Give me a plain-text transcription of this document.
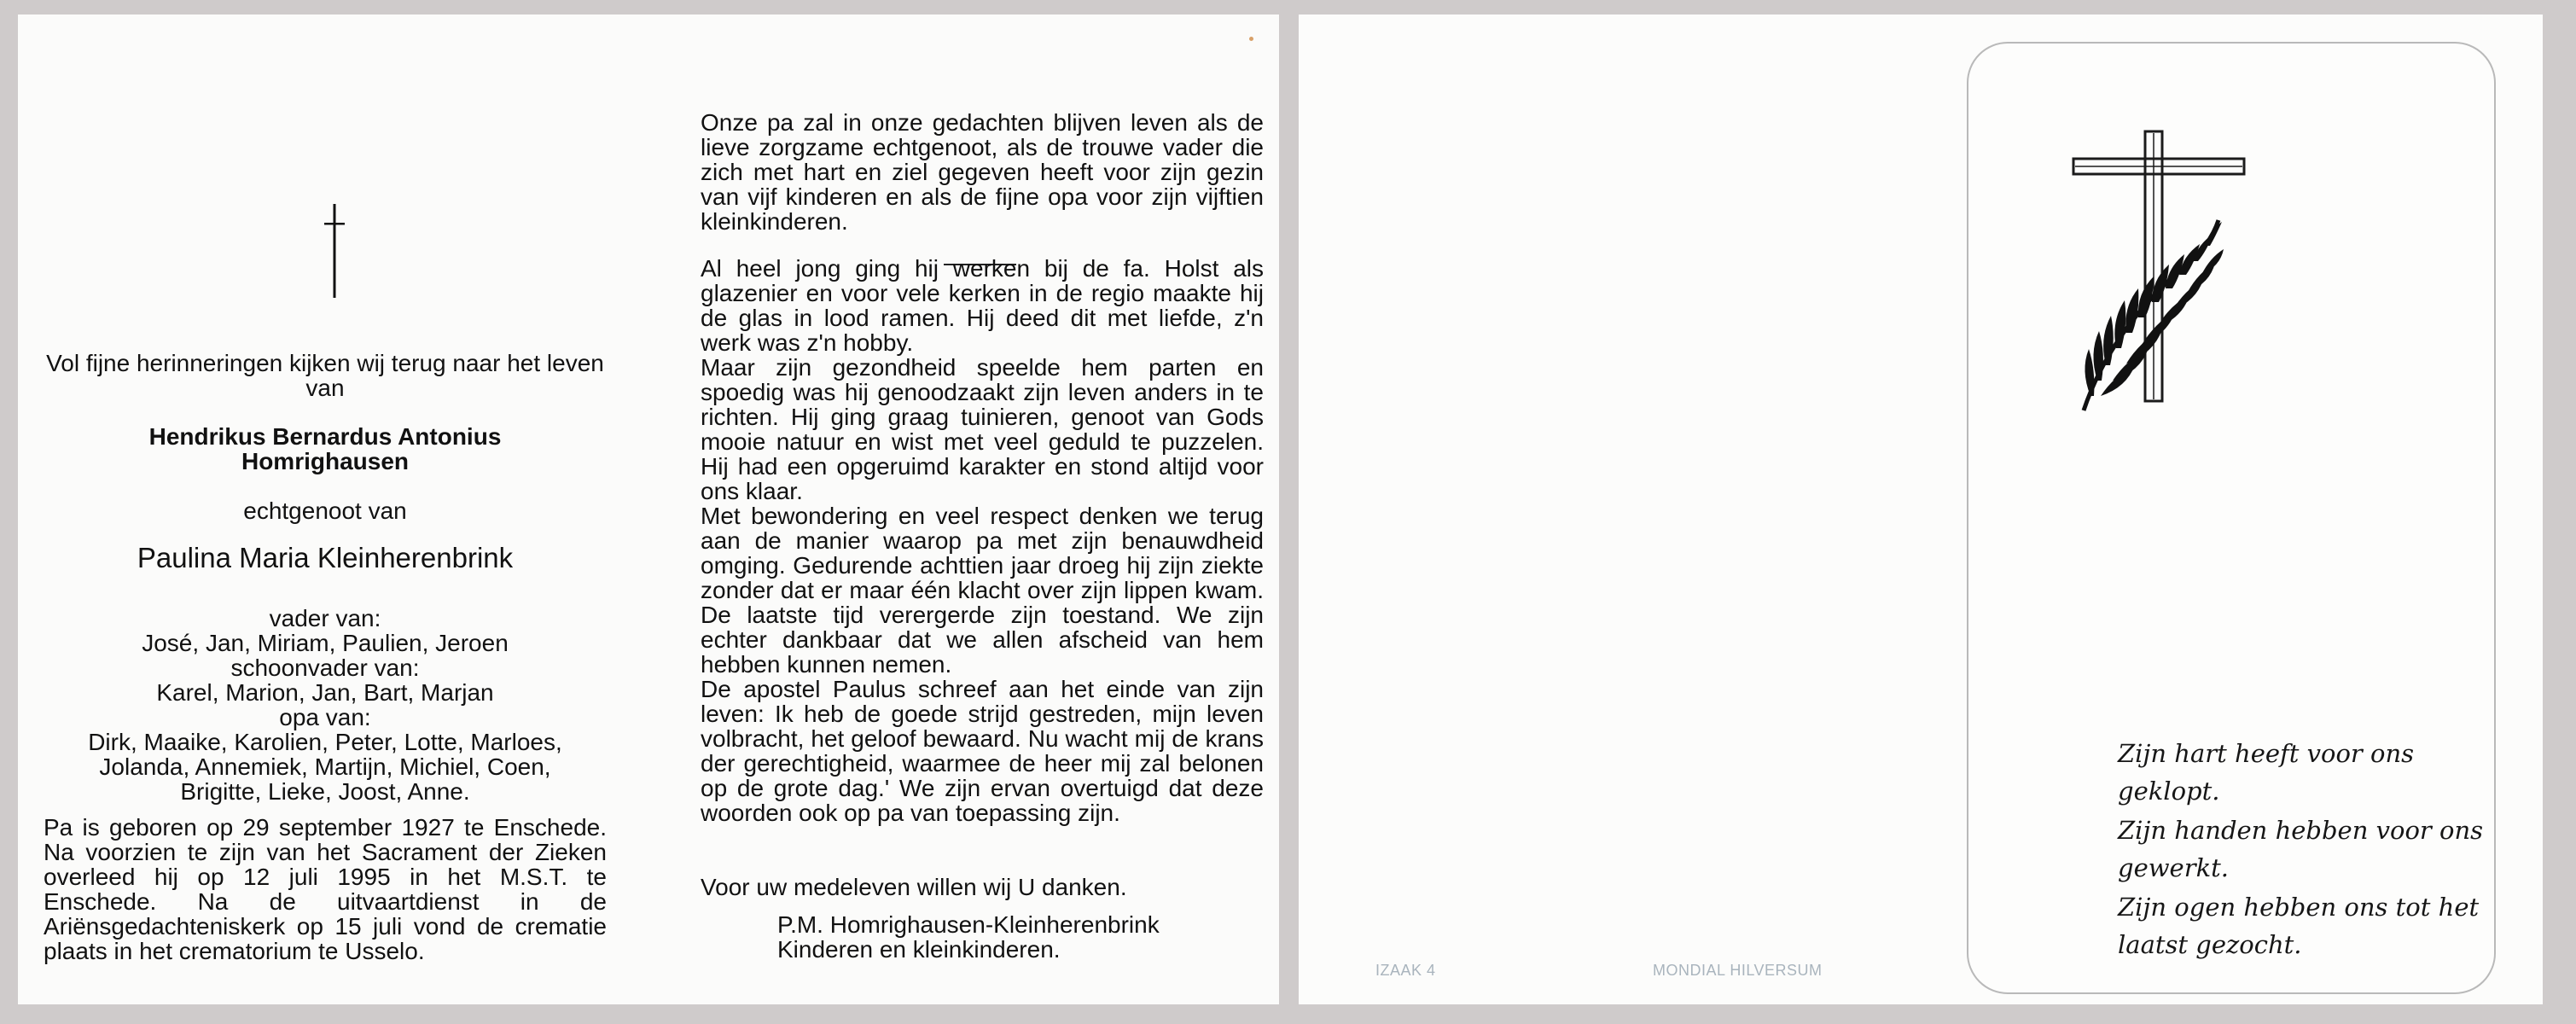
Vol fijne herinneringen kijken wij terug naar het leven van

Hendrikus Bernardus Antonius

Homrighausen

echtgenoot van

Paulina Maria Kleinherenbrink

vader van:

José, Jan, Miriam, Paulien, Jeroen

schoonvader van:

Karel, Marion, Jan, Bart, Marjan

opa van:

Dirk, Maaike, Karolien, Peter, Lotte, Marloes, Jolanda, Annemiek, Martijn, Michiel, Coen, Brigitte, Lieke, Joost, Anne.

Pa is geboren op 29 september 1927 te Enschede. Na voorzien te zijn van het Sacrament der Zieken overleed hij op 12 juli 1995 in het M.S.T. te Enschede. Na de uitvaartdienst in de Ariënsgedachteniskerk op 15 juli vond de crematie plaats in het crematorium te Usselo.

Onze pa zal in onze gedachten blijven leven als de lieve zorgzame echtgenoot, als de trouwe vader die zich met hart en ziel gegeven heeft voor zijn gezin van vijf kinderen en als de fijne opa voor zijn vijftien kleinkinderen.

Al heel jong ging hij werken bij de fa. Holst als glazenier en voor vele kerken in de regio maakte hij de glas in lood ramen. Hij deed dit met liefde, z'n werk was z'n hobby.

Maar zijn gezondheid speelde hem parten en spoedig was hij genoodzaakt zijn leven anders in te richten. Hij ging graag tuinieren, genoot van Gods mooie natuur en wist met veel geduld te puzzelen. Hij had een opgeruimd karakter en stond altijd voor ons klaar.

Met bewondering en veel respect denken we terug aan de manier waarop pa met zijn benauwdheid omging. Gedurende achttien jaar droeg hij zijn ziekte zonder dat er maar één klacht over zijn lippen kwam. De laatste tijd verergerde zijn toestand. We zijn echter dankbaar dat we allen afscheid van hem hebben kunnen nemen.

De apostel Paulus schreef aan het einde van zijn leven: Ik heb de goede strijd gestreden, mijn leven volbracht, het geloof bewaard. Nu wacht mij de krans der gerechtigheid, waarmee de heer mij zal belonen op de grote dag.' We zijn ervan overtuigd dat deze woorden ook op pa van toepassing zijn.

Voor uw medeleven willen wij U danken.

P.M. Homrighausen-Kleinherenbrink

Kinderen en kleinkinderen.

IZAAK 4	MONDIAL HILVERSUM

Zijn hart heeft voor ons geklopt.

Zijn handen hebben voor ons gewerkt.

Zijn ogen hebben ons tot het laatst gezocht.
